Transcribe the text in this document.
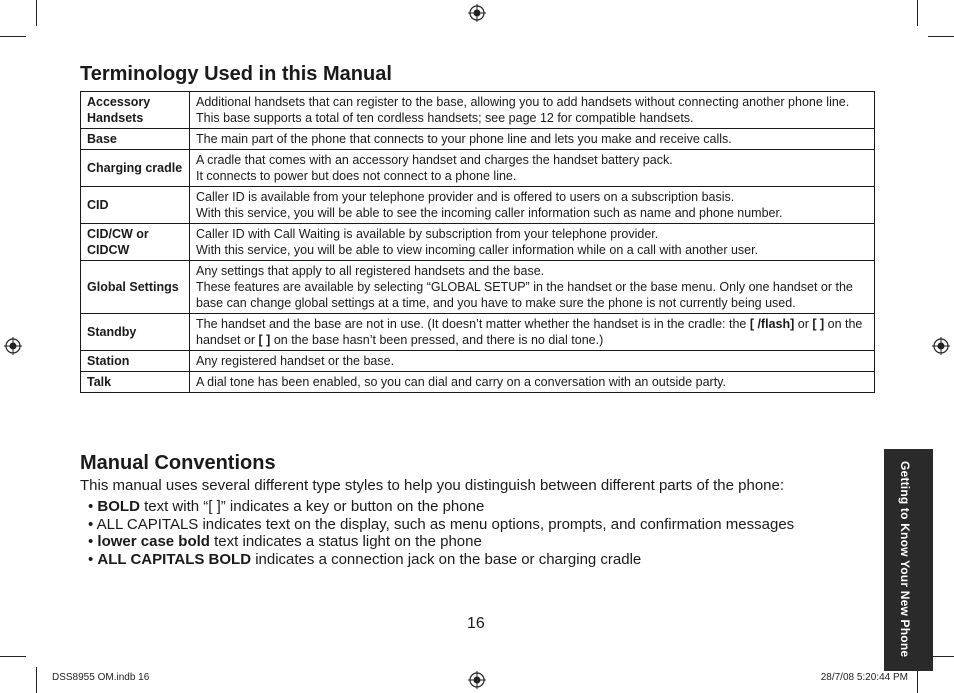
Terminology Used in this Manual
Accessory Handsets	Additional handsets that can register to the base, allowing you to add handsets without connecting another phone line. This base supports a total of ten cordless handsets; see page 12 for compatible handsets.

Base	The main part of the phone that connects to your phone line and lets you make and receive calls.

Charging cradle	A cradle that comes with an accessory handset and charges the handset battery pack.
It connects to power but does not connect to a phone line.

CID	Caller ID is available from your telephone provider and is offered to users on a subscription basis.
With this service, you will be able to see the incoming caller information such as name and phone number.

CID/CW or CIDCW	Caller ID with Call Waiting is available by subscription from your telephone provider.
With this service, you will be able to view incoming caller information while on a call with another user.

Global Settings	Any settings that apply to all registered handsets and the base.
These features are available by selecting “GLOBAL SETUP” in the handset or the base menu. Only one handset or the base can change global settings at a time, and you have to make sure the phone is not currently being used.

Standby	The handset and the base are not in use. (It doesn’t matter whether the handset is in the cradle: the [ /flash] or [ ] on the handset or [ ] on the base hasn’t been pressed, and there is no dial tone.)
Station	Any registered handset or the base.

Talk	A dial tone has been enabled, so you can dial and carry on a conversation with an outside party.
Manual Conventions

This manual uses several different type styles to help you distinguish between different parts of the phone:

• BOLD text with “[ ]” indicates a key or button on the phone
• ALL CAPITALS indicates text on the display, such as menu options, prompts, and confirmation messages
• lower case bold text indicates a status light on the phone
• ALL CAPITALS BOLD indicates a connection jack on the base or charging cradle
16	Getting to Know Your New Phone
DSS8955 OM.indb 16	28/7/08 5:20:44 PM
